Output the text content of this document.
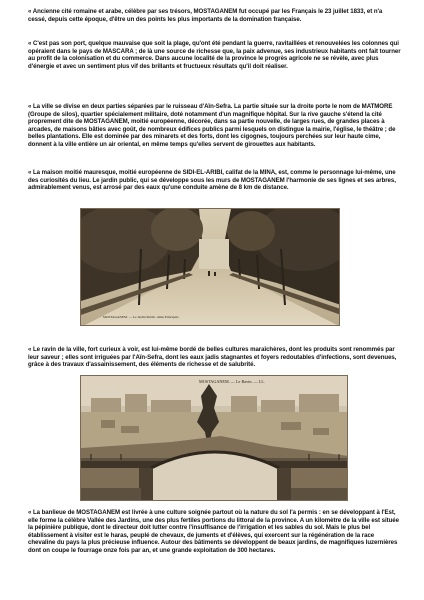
« Ancienne cité romaine et arabe, célèbre par ses trésors, MOSTAGANEM fut occupé par les Français le 23 juillet 1833, et n'a cessé, depuis cette époque, d'être un des points les plus importants de la domination française.

« C'est pas son port, quelque mauvaise que soit la plage, qu'ont été pendant la guerre, ravitaillées et renouvelées les colonnes qui opéraient dans le pays de MASCARA ; de là une source de richesse que, la paix advenue, ses industrieux habitants ont fait tourner au profit de la colonisation et du commerce. Dans aucune localité de la province le progrès agricole ne se révèle, avec plus d'énergie et avec un sentiment plus vif des brillants et fructueux résultats qu'il doit réaliser.

« La ville se divise en deux parties séparées par le ruisseau d'Aïn-Sefra. La partie située sur la droite porte le nom de MATMORE (Groupe de silos), quartier spécialement militaire, doté notamment d'un magnifique hôpital. Sur la rive gauche s'étend la cité proprement dite de MOSTAGANEM, moitié européenne, décorée, dans sa partie nouvelle, de larges rues, de grandes places à arcades, de maisons bâties avec goût, de nombreux édifices publics parmi lesquels on distingue la mairie, l'église, le théâtre ; de belles plantations. Elle est dominée par des minarets et des forts, dont les cigognes, toujours perchées sur leur haute cime, donnent à la ville entière un air oriental, en même temps qu'elles servent de girouettes aux habitants.

« La maison moitié mauresque, moitié européenne de SIDI-EL-ARIBI, califat de la MINA, est, comme le personnage lui-même, une des curiosités du lieu. Le jardin public, qui se développe sous les murs de MOSTAGANEM l'harmonie de ses lignes et ses arbres, admirablement venus, est arrosé par des eaux qu'une conduite amène de 8 km de distance.

MOSTAGANEM. — Le Jardin Public. Allée Principale

« Le ravin de la ville, fort curieux à voir, est lui-même bordé de belles cultures maraîchères, dont les produits sont renommés par leur saveur ; elles sont irriguées par l'Aïn-Sefra, dont les eaux jadis stagnantes et foyers redoutables d'infections, sont devenues, grâce à des travaux d'assainissement, des éléments de richesse et de salubrité.

MOSTAGANEM. — Le Ravin. — LL.

« La banlieue de MOSTAGANEM est livrée à une culture soignée partout où la nature du sol l'a permis : en se développant à l'Est, elle forme la célèbre Vallée des Jardins, une des plus fertiles portions du littoral de la province. A un kilomètre de la ville est située la pépinière publique, dont le directeur doit lutter contre l'insuffisance de l'irrigation et les sables du sol. Mais le plus bel établissement à visiter est le haras, peuplé de chevaux, de juments et d'élèves, qui exercent sur la régénération de la race chevaline du pays la plus précieuse influence. Autour des bâtiments se développent de beaux jardins, de magnifiques luzernières dont on coupe le fourrage onze fois par an, et une grande exploitation de 300 hectares.
